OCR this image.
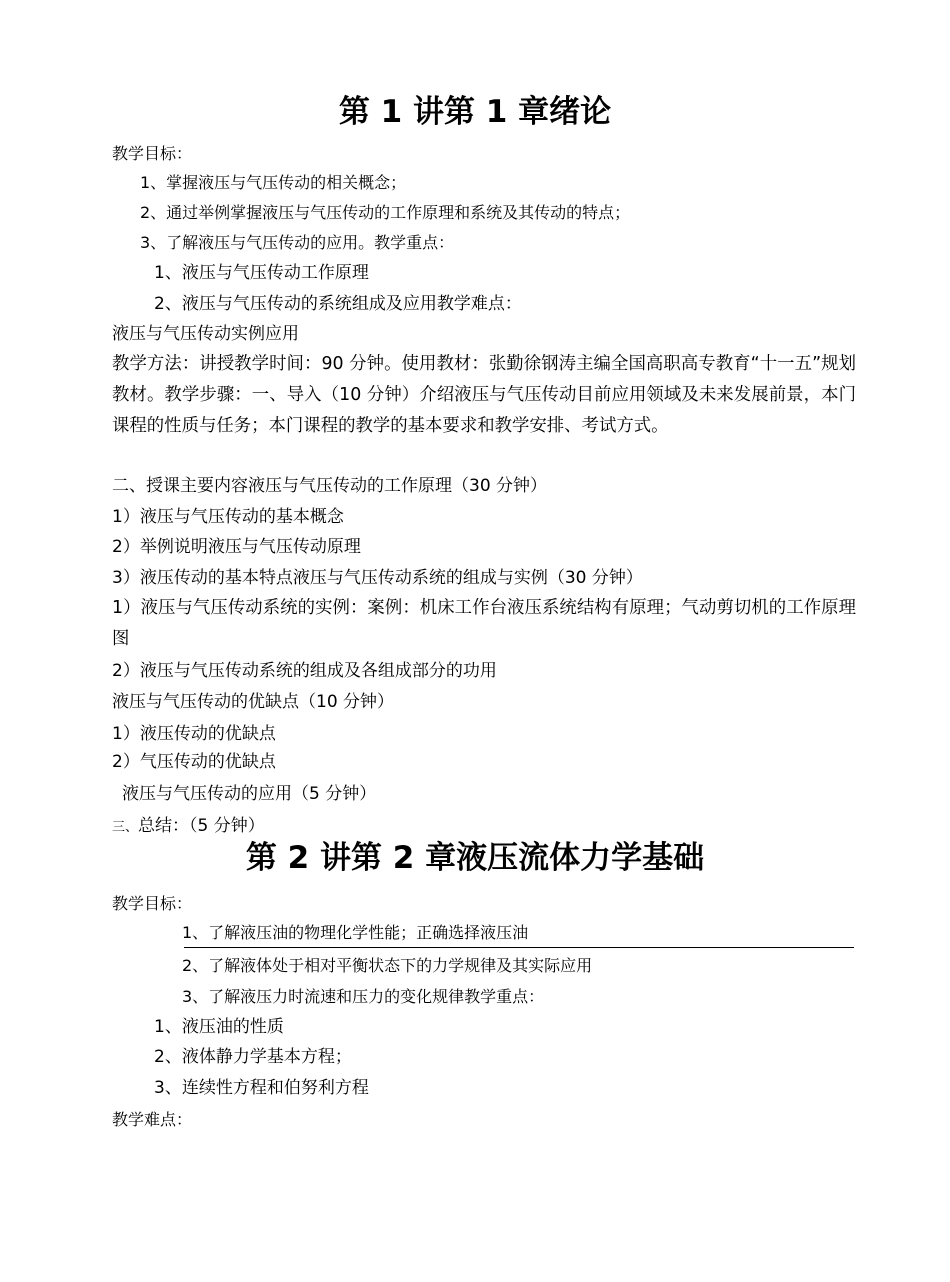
第 1 讲第 1 章绪论
教学目标：
1、掌握液压与气压传动的相关概念；
2、通过举例掌握液压与气压传动的工作原理和系统及其传动的特点；
3、了解液压与气压传动的应用。教学重点：
1、液压与气压传动工作原理
2、液压与气压传动的系统组成及应用教学难点：
液压与气压传动实例应用
教学方法：讲授教学时间：90 分钟。使用教材：张勤徐钢涛主编全国高职高专教育“十一五”规划教材。教学步骤：一、导入（10 分钟）介绍液压与气压传动目前应用领域及未来发展前景，本门课程的性质与任务；本门课程的教学的基本要求和教学安排、考试方式。
二、授课主要内容液压与气压传动的工作原理（30 分钟）
1）液压与气压传动的基本概念
2）举例说明液压与气压传动原理
3）液压传动的基本特点液压与气压传动系统的组成与实例（30 分钟）
1）液压与气压传动系统的实例：案例：机床工作台液压系统结构有原理；气动剪切机的工作原理图
2）液压与气压传动系统的组成及各组成部分的功用
液压与气压传动的优缺点（10 分钟）
1）液压传动的优缺点
2）气压传动的优缺点
液压与气压传动的应用（5 分钟）
三、总结：（5 分钟）
第 2 讲第 2 章液压流体力学基础
教学目标：
1、了解液压油的物理化学性能；正确选择液压油
2、了解液体处于相对平衡状态下的力学规律及其实际应用
3、了解液压力时流速和压力的变化规律教学重点：
1、液压油的性质
2、液体静力学基本方程；
3、连续性方程和伯努利方程
教学难点：
